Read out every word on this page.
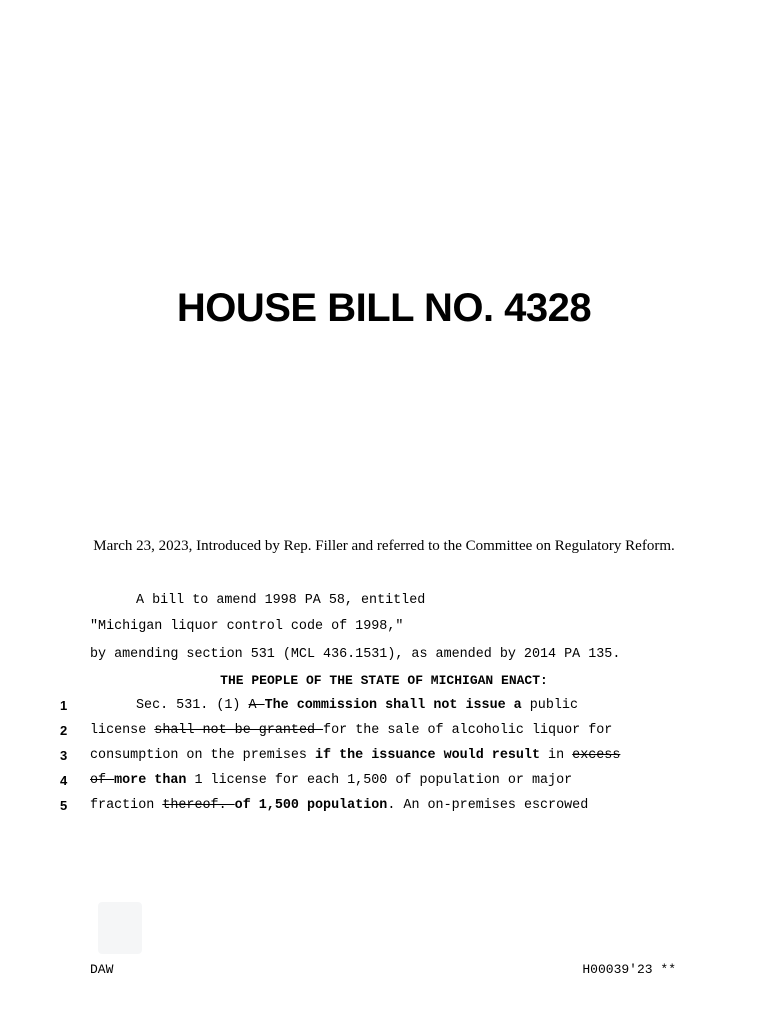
HOUSE BILL NO. 4328
March 23, 2023, Introduced by Rep. Filler and referred to the Committee on Regulatory Reform.
A bill to amend 1998 PA 58, entitled
"Michigan liquor control code of 1998,"
by amending section 531 (MCL 436.1531), as amended by 2014 PA 135.
THE PEOPLE OF THE STATE OF MICHIGAN ENACT:
1
2
3
4
5
Sec. 531. (1) A The commission shall not issue a public
license shall not be granted for the sale of alcoholic liquor for
consumption on the premises if the issuance would result in excess
of more than 1 license for each 1,500 of population or major
fraction thereof. of 1,500 population. An on-premises escrowed
DAW	H00039'23 **
